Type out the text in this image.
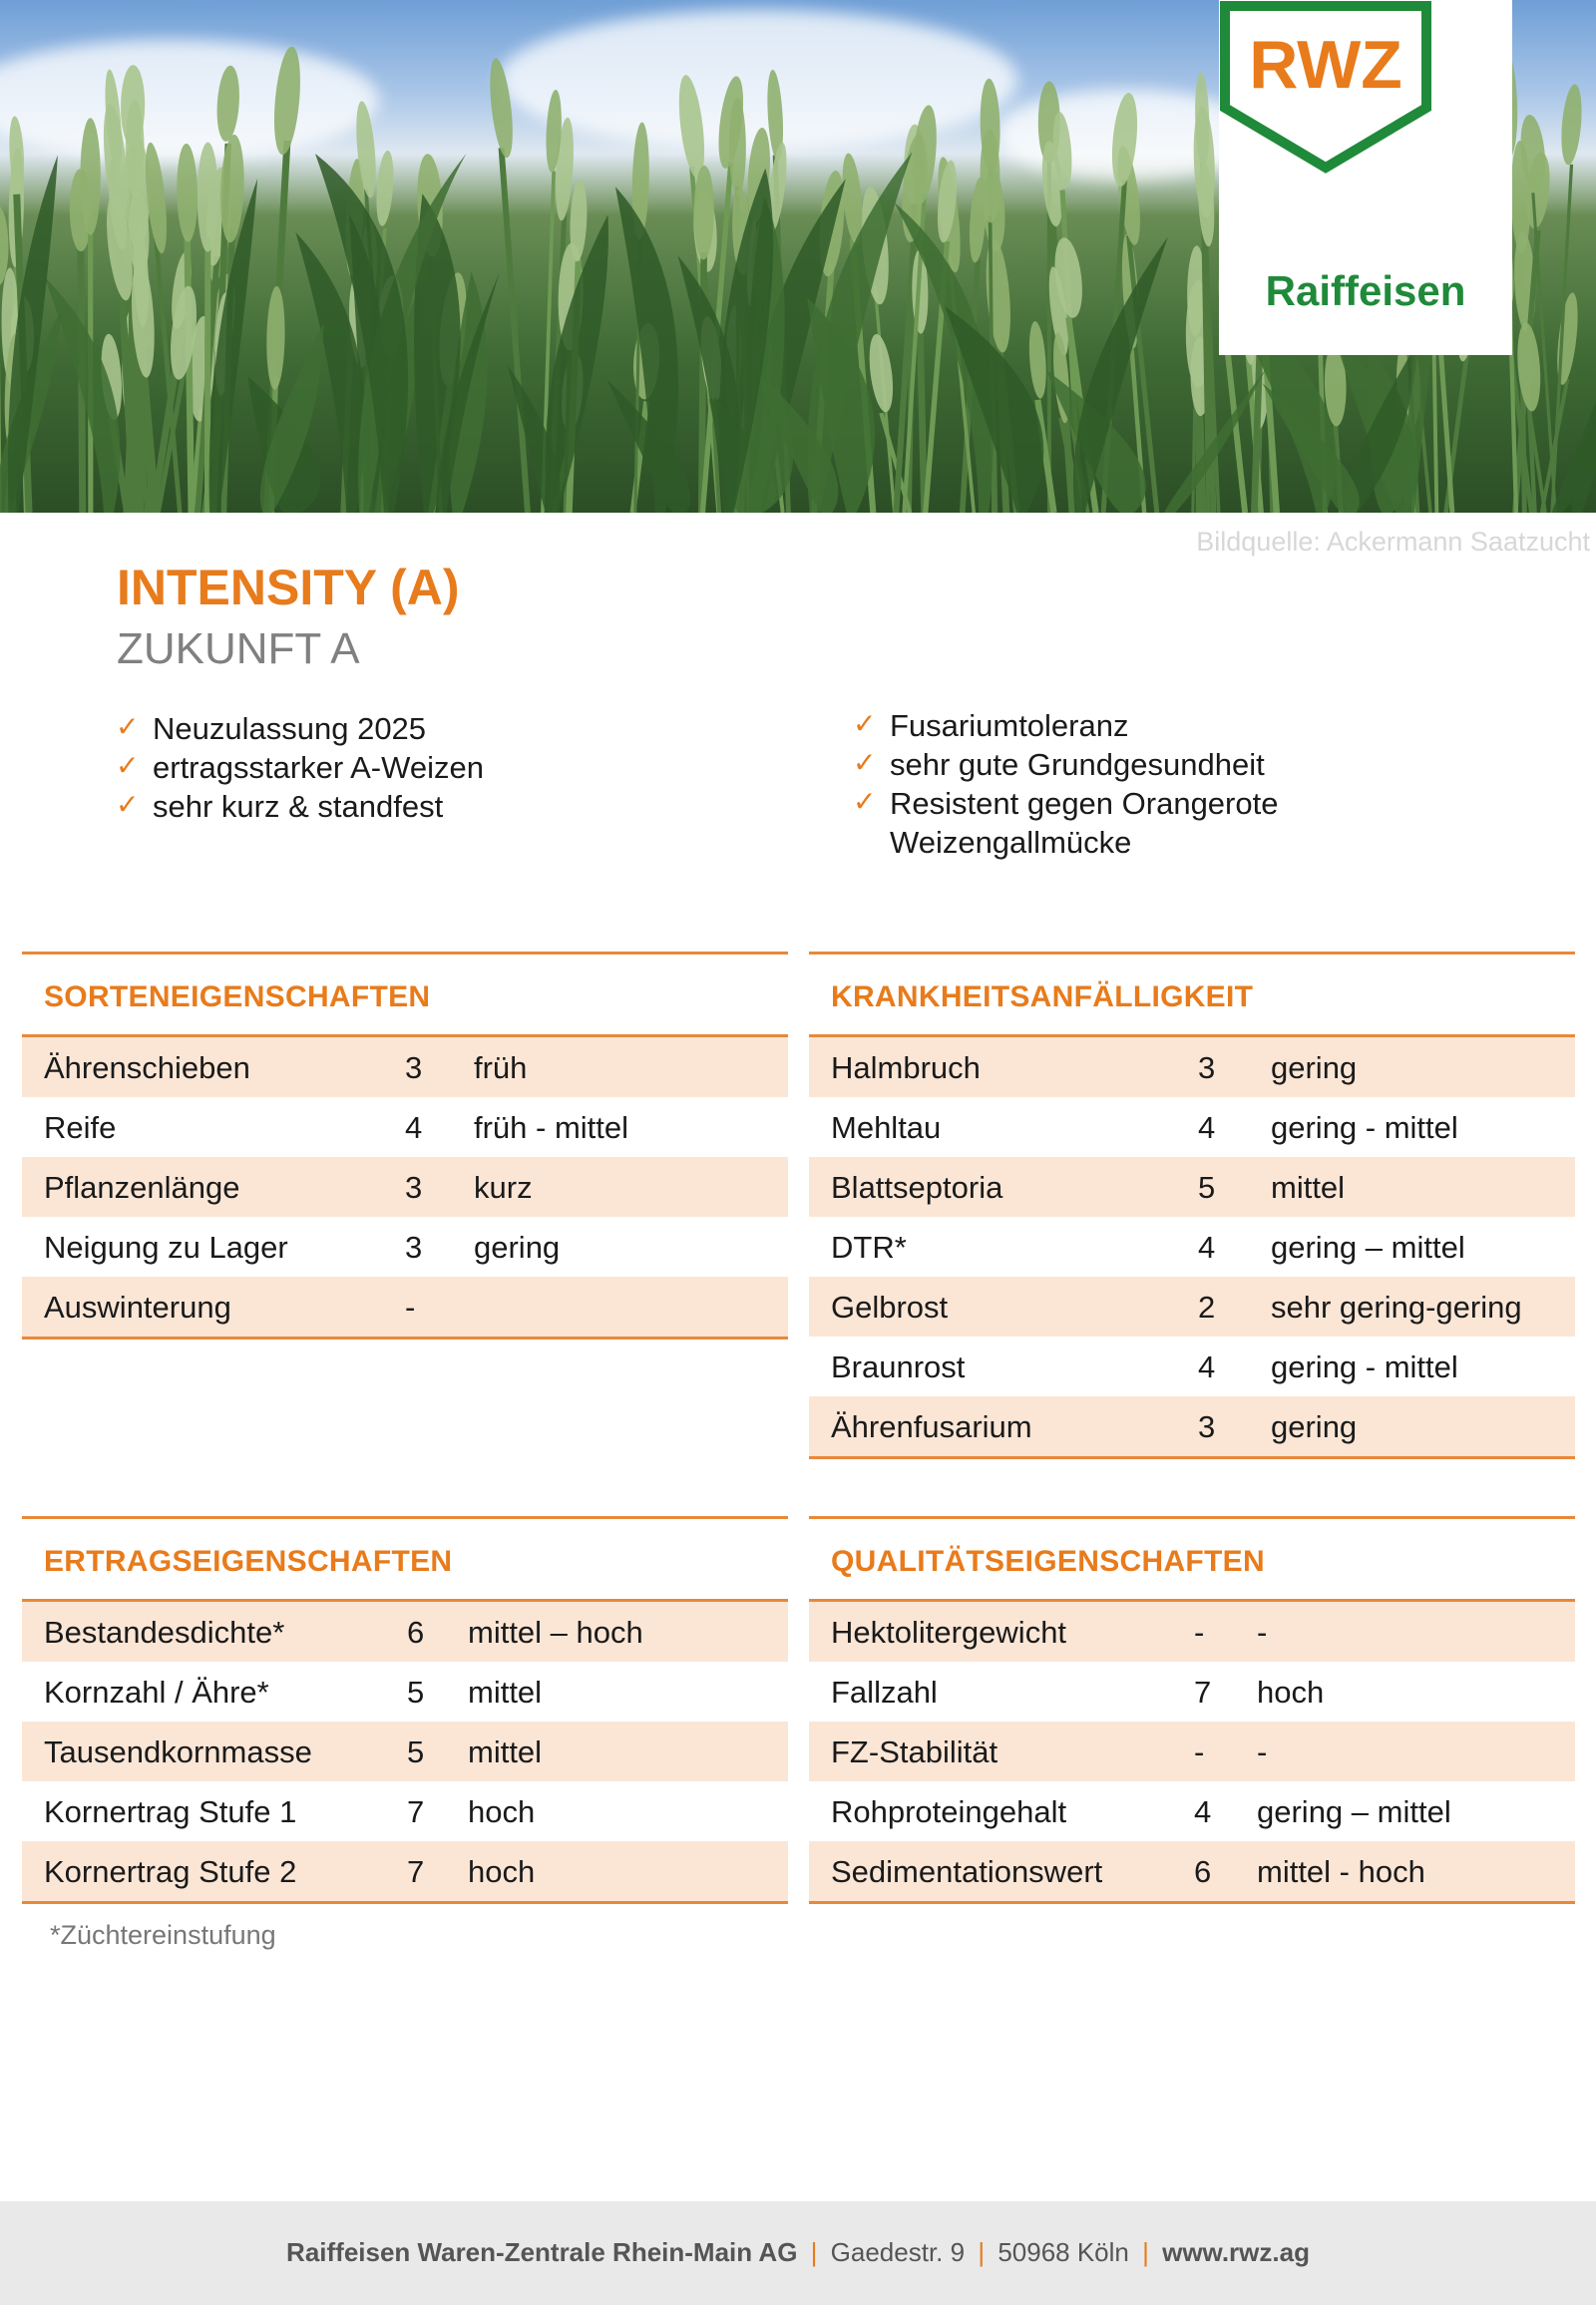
RWZ
Raiffeisen
Bildquelle: Ackermann Saatzucht
INTENSITY (A)
ZUKUNFT A
✓ Neuzulassung 2025
✓ ertragsstarker A-Weizen
✓ sehr kurz & standfest
✓ Fusariumtoleranz
✓ sehr gute Grundgesundheit
✓ Resistent gegen Orangerote
Weizengallmücke
SORTENEIGENSCHAFTEN
Ährenschieben	3 früh
Reife	4 früh - mittel
Pflanzenlänge	3 kurz
Neigung zu Lager	3 gering
Auswinterung	-
KRANKHEITSANFÄLLIGKEIT
Halmbruch	3 gering
Mehltau	4 gering - mittel
Blattseptoria	5 mittel
DTR*	4 gering – mittel
Gelbrost	2 sehr gering-gering
Braunrost	4 gering - mittel
Ährenfusarium	3 gering
ERTRAGSEIGENSCHAFTEN
Bestandesdichte*	6 mittel – hoch
Kornzahl / Ähre*	5 mittel
Tausendkornmasse	5 mittel
Kornertrag Stufe 1	7 hoch
Kornertrag Stufe 2	7 hoch
QUALITÄTSEIGENSCHAFTEN
Hektolitergewicht	- -
Fallzahl	7 hoch
FZ-Stabilität	- -
Rohproteingehalt	4 gering – mittel
Sedimentationswert	6 mittel - hoch
*Züchtereinstufung
Raiffeisen Waren-Zentrale Rhein-Main AG | Gaedestr. 9 | 50968 Köln | www.rwz.ag
